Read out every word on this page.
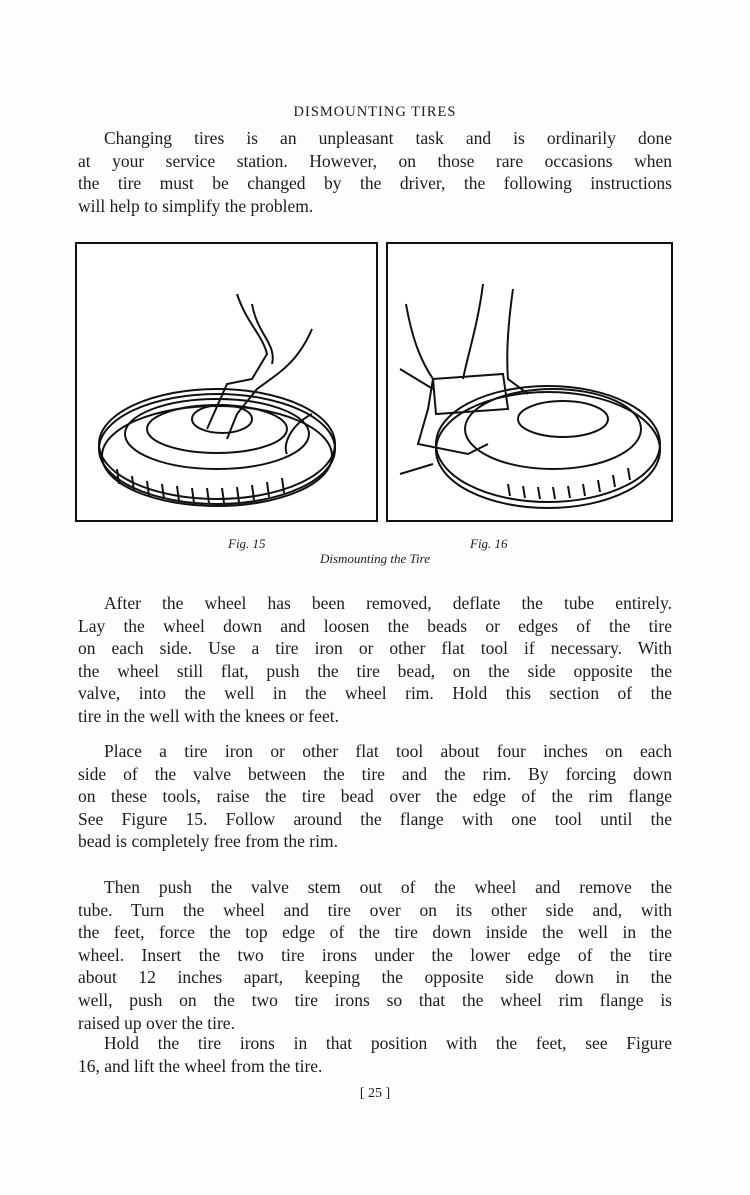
DISMOUNTING TIRES
Changing tires is an unpleasant task and is ordinarily done
at your service station. However, on those rare occasions when
the tire must be changed by the driver, the following instructions
will help to simplify the problem.
Fig. 15	Fig. 16
Dismounting the Tire
After the wheel has been removed, deflate the tube entirely.
Lay the wheel down and loosen the beads or edges of the tire
on each side. Use a tire iron or other flat tool if necessary. With
the wheel still flat, push the tire bead, on the side opposite the
valve, into the well in the wheel rim. Hold this section of the
tire in the well with the knees or feet.
Place a tire iron or other flat tool about four inches on each
side of the valve between the tire and the rim. By forcing down
on these tools, raise the tire bead over the edge of the rim flange
See Figure 15. Follow around the flange with one tool until the
bead is completely free from the rim.
Then push the valve stem out of the wheel and remove the
tube. Turn the wheel and tire over on its other side and, with
the feet, force the top edge of the tire down inside the well in the
wheel. Insert the two tire irons under the lower edge of the tire
about 12 inches apart, keeping the opposite side down in the
well, push on the two tire irons so that the wheel rim flange is
raised up over the tire.
Hold the tire irons in that position with the feet, see Figure
16, and lift the wheel from the tire.
[ 25 ]
